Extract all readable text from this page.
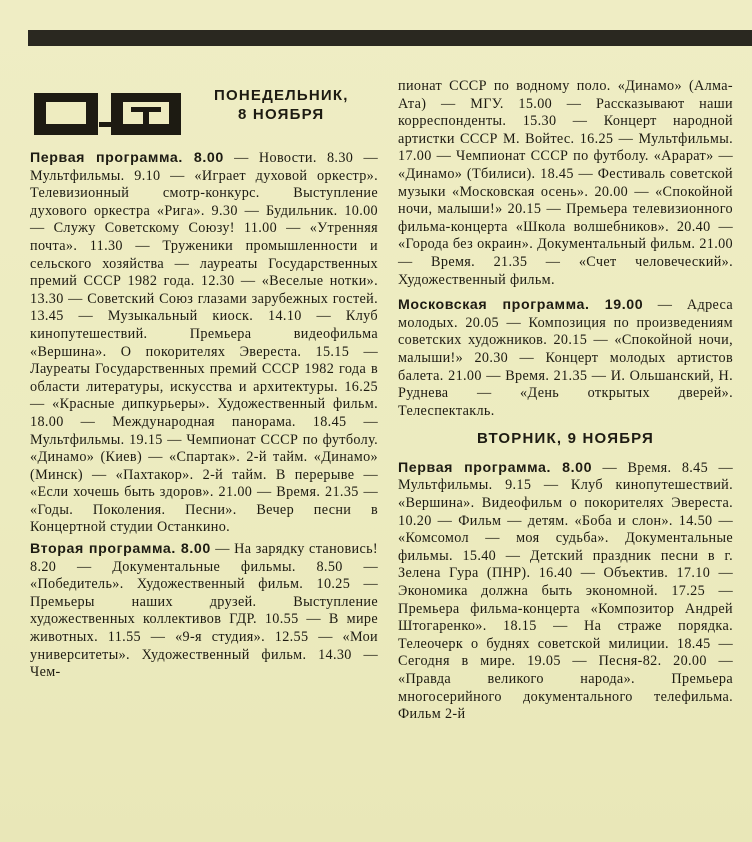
ПОНЕДЕЛЬНИК,
8 НОЯБРЯ

Первая программа. 8.00 — Новости. 8.30 — Мультфильмы. 9.10 — «Играет духовой оркестр». Телевизионный смотр-конкурс. Выступление духового оркестра «Рига». 9.30 — Будильник. 10.00 — Служу Советскому Союзу! 11.00 — «Утренняя почта». 11.30 — Труженики промышленности и сельского хозяйства — лауреаты Государственных премий СССР 1982 года. 12.30 — «Веселые нотки». 13.30 — Советский Союз глазами зарубежных гостей. 13.45 — Музыкальный киоск. 14.10 — Клуб кинопутешествий. Премьера видеофильма «Вершина». О покорителях Эвереста. 15.15 — Лауреаты Государственных премий СССР 1982 года в области литературы, искусства и архитектуры. 16.25 — «Красные дипкурьеры». Художественный фильм. 18.00 — Международная панорама. 18.45 — Мультфильмы. 19.15 — Чемпионат СССР по футболу. «Динамо» (Киев) — «Спартак». 2-й тайм. «Динамо» (Минск) — «Пахтакор». 2-й тайм. В перерыве — «Если хочешь быть здоров». 21.00 — Время. 21.35 — «Годы. Поколения. Песни». Вечер песни в Концертной студии Останкино.

Вторая программа. 8.00 — На зарядку становись! 8.20 — Документальные фильмы. 8.50 — «Победитель». Художественный фильм. 10.25 — Премьеры наших друзей. Выступление художественных коллективов ГДР. 10.55 — В мире животных. 11.55 — «9-я студия». 12.55 — «Мои университеты». Художественный фильм. 14.30 — Чем-

пионат СССР по водному поло. «Динамо» (Алма-Ата) — МГУ. 15.00 — Рассказывают наши корреспонденты. 15.30 — Концерт народной артистки СССР М. Войтес. 16.25 — Мультфильмы. 17.00 — Чемпионат СССР по футболу. «Арарат» — «Динамо» (Тбилиси). 18.45 — Фестиваль советской музыки «Московская осень». 20.00 — «Спокойной ночи, малыши!» 20.15 — Премьера телевизионного фильма-концерта «Школа волшебников». 20.40 — «Города без окраин». Документальный фильм. 21.00 — Время. 21.35 — «Счет человеческий». Художественный фильм.

Московская программа. 19.00 — Адреса молодых. 20.05 — Композиция по произведениям советских художников. 20.15 — «Спокойной ночи, малыши!» 20.30 — Концерт молодых артистов балета. 21.00 — Время. 21.35 — И. Ольшанский, Н. Руднева — «День открытых дверей». Телеспектакль.

ВТОРНИК, 9 НОЯБРЯ

Первая программа. 8.00 — Время. 8.45 — Мультфильмы. 9.15 — Клуб кинопутешествий. «Вершина». Видеофильм о покорителях Эвереста. 10.20 — Фильм — детям. «Боба и слон». 14.50 — «Комсомол — моя судьба». Документальные фильмы. 15.40 — Детский праздник песни в г. Зелена Гура (ПНР). 16.40 — Объектив. 17.10 — Экономика должна быть экономной. 17.25 — Премьера фильма-концерта «Композитор Андрей Штогаренко». 18.15 — На страже порядка. Телеочерк о буднях советской милиции. 18.45 — Сегодня в мире. 19.05 — Песня-82. 20.00 — «Правда великого народа». Премьера многосерийного документального телефильма. Фильм 2-й
